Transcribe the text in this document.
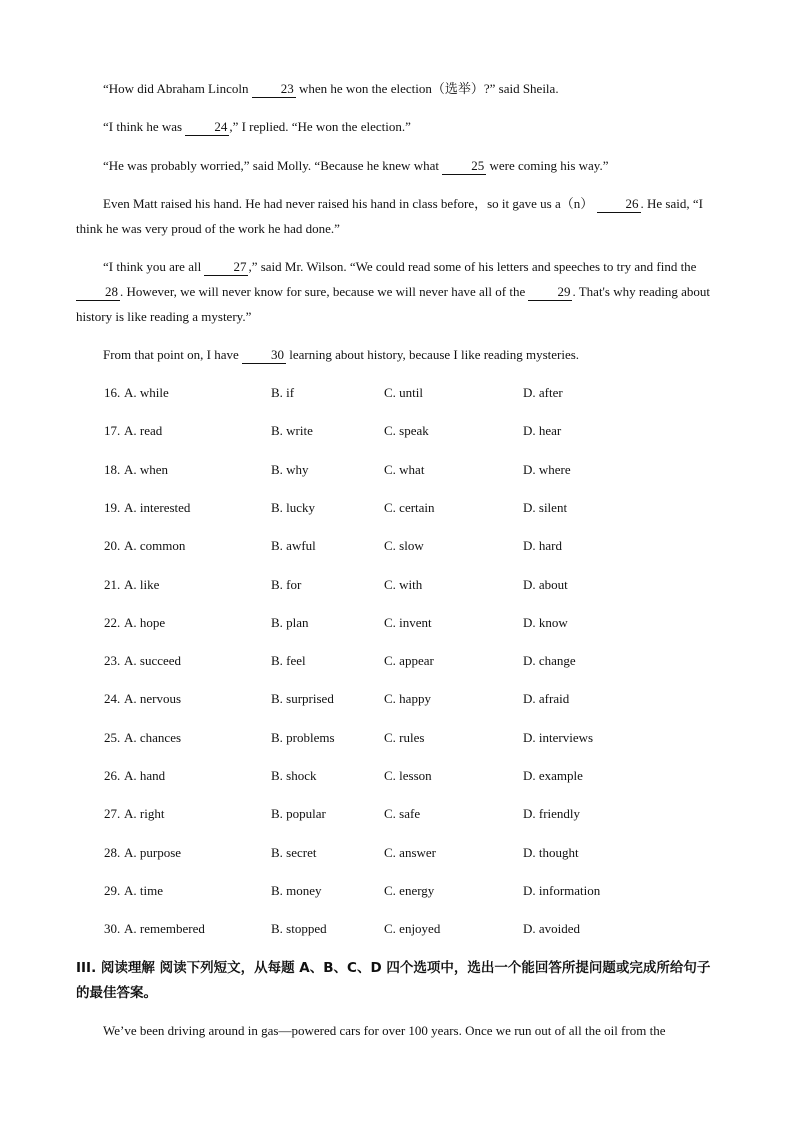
“How did Abraham Lincoln 23 when he won the election（选举）?” said Sheila.

“I think he was 24 ,” I replied. “He won the election.”

“He was probably worried,” said Molly. “Because he knew what 25 were coming his way.”

Even Matt raised his hand. He had never raised his hand in class before，so it gave us a（n） 26 . He said, “I think he was very proud of the work he had done.”

“I think you are all 27 ,” said Mr. Wilson. “We could read some of his letters and speeches to try and find the 28 . However, we will never know for sure, because we will never have all of the 29 . That's why reading about history is like reading a mystery.”

From that point on, I have 30 learning about history, because I like reading mysteries.

16. A. while	B. if	C. until	D. after
17. A. read	B. write	C. speak	D. hear
18. A. when	B. why	C. what	D. where
19. A. interested	B. lucky	C. certain	D. silent
20. A. common	B. awful	C. slow	D. hard
21. A. like	B. for	C. with	D. about
22. A. hope	B. plan	C. invent	D. know
23. A. succeed	B. feel	C. appear	D. change
24. A. nervous	B. surprised	C. happy	D. afraid
25. A. chances	B. problems	C. rules	D. interviews
26. A. hand	B. shock	C. lesson	D. example
27. A. right	B. popular	C. safe	D. friendly
28. A. purpose	B. secret	C. answer	D. thought
29. A. time	B. money	C. energy	D. information
30. A. remembered	B. stopped	C. enjoyed	D. avoided

III. 阅读理解 阅读下列短文，从每题 A、B、C、D 四个选项中，选出一个能回答所提问题或完成所给句子的最佳答案。

We’ve been driving around in gas—powered cars for over 100 years. Once we run out of all the oil from the
